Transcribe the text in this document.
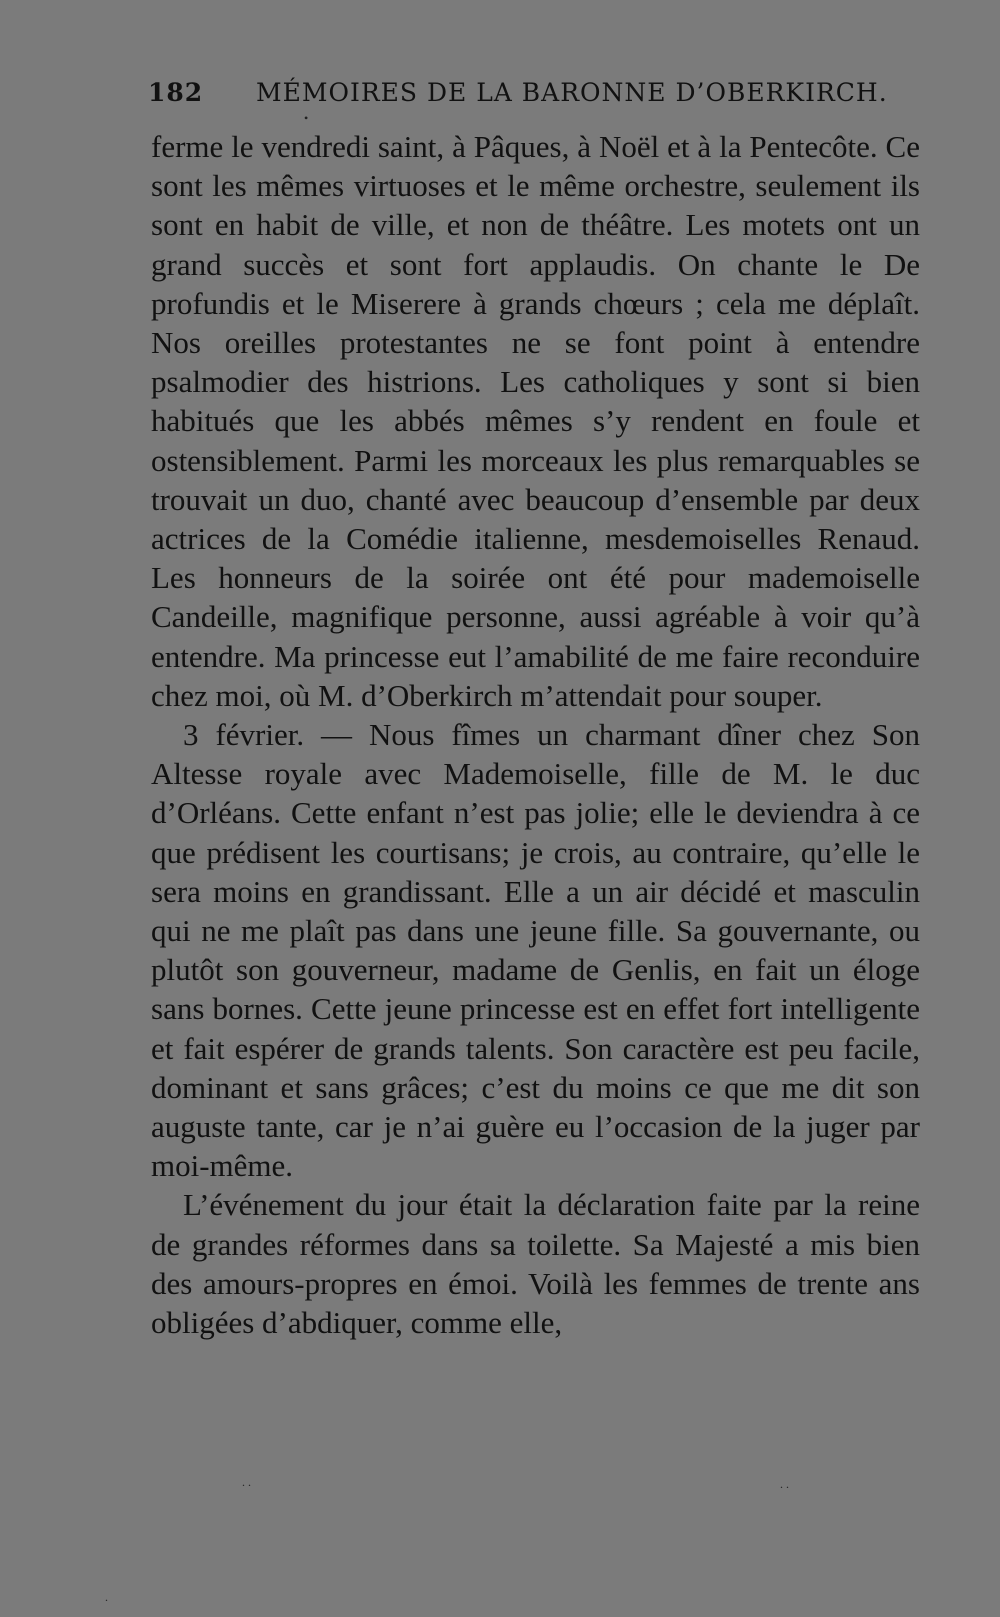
182 MÉMOIRES DE LA BARONNE D’OBERKIRCH.

ferme le vendredi saint, à Pâques, à Noël et à la Pentecôte. Ce sont les mêmes virtuoses et le même orchestre, seulement ils sont en habit de ville, et non de théâtre. Les motets ont un grand succès et sont fort applaudis. On chante le De profundis et le Miserere à grands chœurs ; cela me déplaît. Nos oreilles protestantes ne se font point à entendre psalmodier des histrions. Les catholiques y sont si bien habitués que les abbés mêmes s’y rendent en foule et ostensiblement. Parmi les morceaux les plus remarquables se trouvait un duo, chanté avec beaucoup d’ensemble par deux actrices de la Comédie italienne, mesdemoiselles Renaud. Les honneurs de la soirée ont été pour mademoiselle Candeille, magnifique personne, aussi agréable à voir qu’à entendre. Ma princesse eut l’amabilité de me faire reconduire chez moi, où M. d’Oberkirch m’attendait pour souper.

3 février. — Nous fîmes un charmant dîner chez Son Altesse royale avec Mademoiselle, fille de M. le duc d’Orléans. Cette enfant n’est pas jolie; elle le deviendra à ce que prédisent les courtisans; je crois, au contraire, qu’elle le sera moins en grandissant. Elle a un air décidé et masculin qui ne me plaît pas dans une jeune fille. Sa gouvernante, ou plutôt son gouverneur, madame de Genlis, en fait un éloge sans bornes. Cette jeune princesse est en effet fort intelligente et fait espérer de grands talents. Son caractère est peu facile, dominant et sans grâces; c’est du moins ce que me dit son auguste tante, car je n’ai guère eu l’occasion de la juger par moi-même.

L’événement du jour était la déclaration faite par la reine de grandes réformes dans sa toilette. Sa Majesté a mis bien des amours-propres en émoi. Voilà les femmes de trente ans obligées d’abdiquer, comme elle,

•
. .	. .
.
